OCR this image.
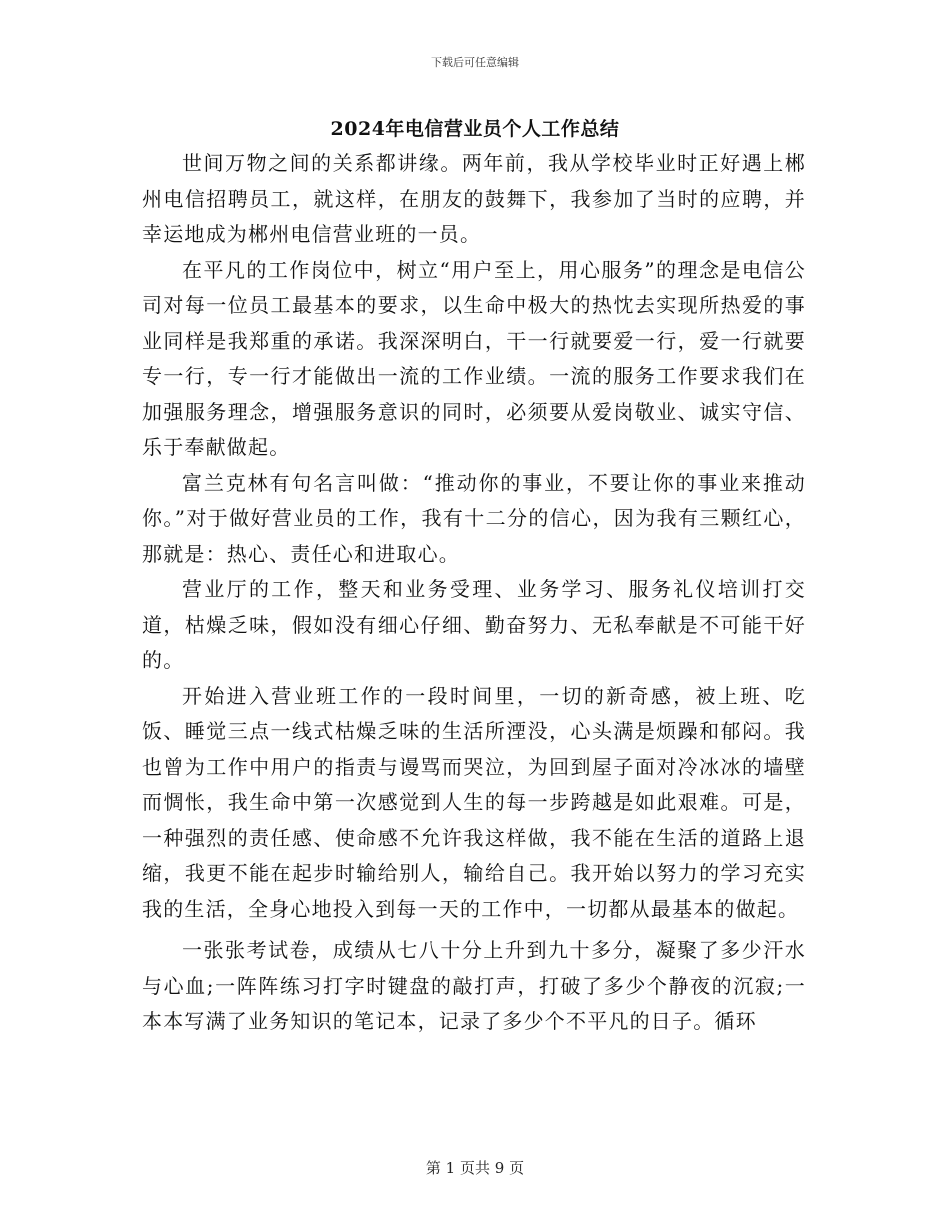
下载后可任意编辑
2024年电信营业员个人工作总结

世间万物之间的关系都讲缘。两年前，我从学校毕业时正好遇上郴州电信招聘员工，就这样，在朋友的鼓舞下，我参加了当时的应聘，并幸运地成为郴州电信营业班的一员。

在平凡的工作岗位中，树立“用户至上，用心服务”的理念是电信公司对每一位员工最基本的要求，以生命中极大的热忱去实现所热爱的事业同样是我郑重的承诺。我深深明白，干一行就要爱一行，爱一行就要专一行，专一行才能做出一流的工作业绩。一流的服务工作要求我们在加强服务理念，增强服务意识的同时，必须要从爱岗敬业、诚实守信、乐于奉献做起。

富兰克林有句名言叫做：“推动你的事业，不要让你的事业来推动你。”对于做好营业员的工作，我有十二分的信心，因为我有三颗红心，那就是：热心、责任心和进取心。

营业厅的工作，整天和业务受理、业务学习、服务礼仪培训打交道，枯燥乏味，假如没有细心仔细、勤奋努力、无私奉献是不可能干好的。

开始进入营业班工作的一段时间里，一切的新奇感，被上班、吃饭、睡觉三点一线式枯燥乏味的生活所湮没，心头满是烦躁和郁闷。我也曾为工作中用户的指责与谩骂而哭泣，为回到屋子面对冷冰冰的墙壁而惆怅，我生命中第一次感觉到人生的每一步跨越是如此艰难。可是，一种强烈的责任感、使命感不允许我这样做，我不能在生活的道路上退缩，我更不能在起步时输给别人，输给自己。我开始以努力的学习充实我的生活，全身心地投入到每一天的工作中，一切都从最基本的做起。

一张张考试卷，成绩从七八十分上升到九十多分，凝聚了多少汗水与心血;一阵阵练习打字时键盘的敲打声，打破了多少个静夜的沉寂;一本本写满了业务知识的笔记本，记录了多少个不平凡的日子。循环

第 1 页共 9 页
